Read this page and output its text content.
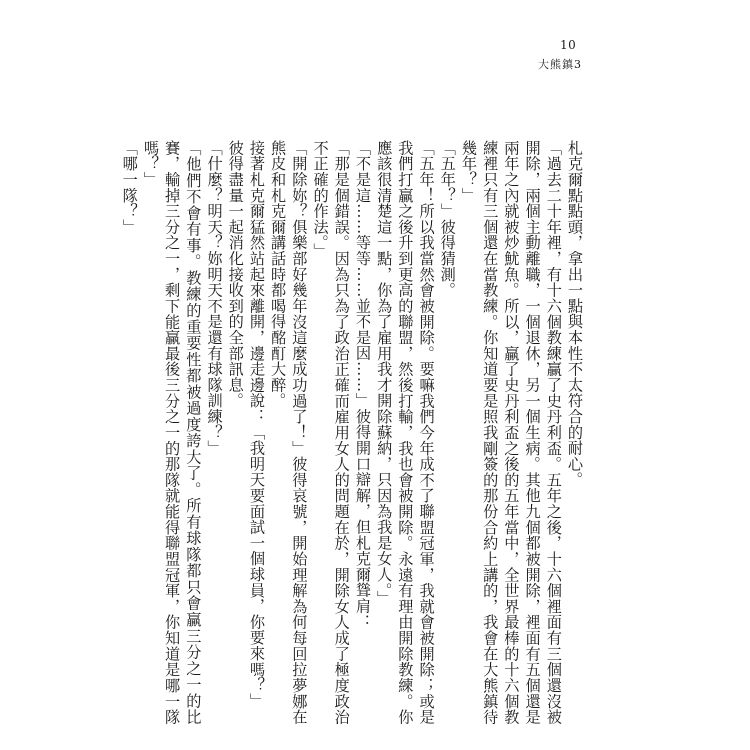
10
大熊鎮3

札克爾點點頭，拿出一點與本性不太符合的耐心。

「過去二十年裡，有十六個教練贏了史丹利盃。五年之後，十六個裡面有三個還沒被開除，兩個主動離職，一個退休，另一個生病。其他九個都被開除，裡面有五個還是兩年之內就被炒魷魚。所以，贏了史丹利盃之後的五年當中，全世界最棒的十六個教練裡只有三個還在當教練。你知道要是照我剛簽的那份合約上講的，我會在大熊鎮待幾年？」

「五年？」彼得猜測。

「五年！所以我當然會被開除。要嘛我們今年成不了聯盟冠軍，我就會被開除；或是我們打贏之後升到更高的聯盟，然後打輸，我也會被開除。永遠有理由開除教練。你應該很清楚這一點，你為了雇用我才開除蘇納，只因為我是女人。」

「不是這……等等……並不是因……」彼得開口辯解，但札克爾聳肩：

「那是個錯誤。因為只為了政治正確而雇用女人的問題在於，開除女人成了極度政治不正確的作法。」

「開除妳？俱樂部好幾年沒這麼成功過了！」彼得哀號，開始理解為何每回拉夢娜在熊皮和札克爾講話時都喝得酩酊大醉。

接著札克爾猛然站起來離開，邊走邊說：「我明天要面試一個球員，你要來嗎？」

彼得盡量一起消化接收到的全部訊息。

「什麼？明天？妳明天不是還有球隊訓練？」

「他們不會有事。教練的重要性都被過度誇大了。所有球隊都只會贏三分之一的比賽，輸掉三分之一，剩下能贏最後三分之一的那隊就能得聯盟冠軍，你知道是哪一隊嗎？」

「哪一隊？」
